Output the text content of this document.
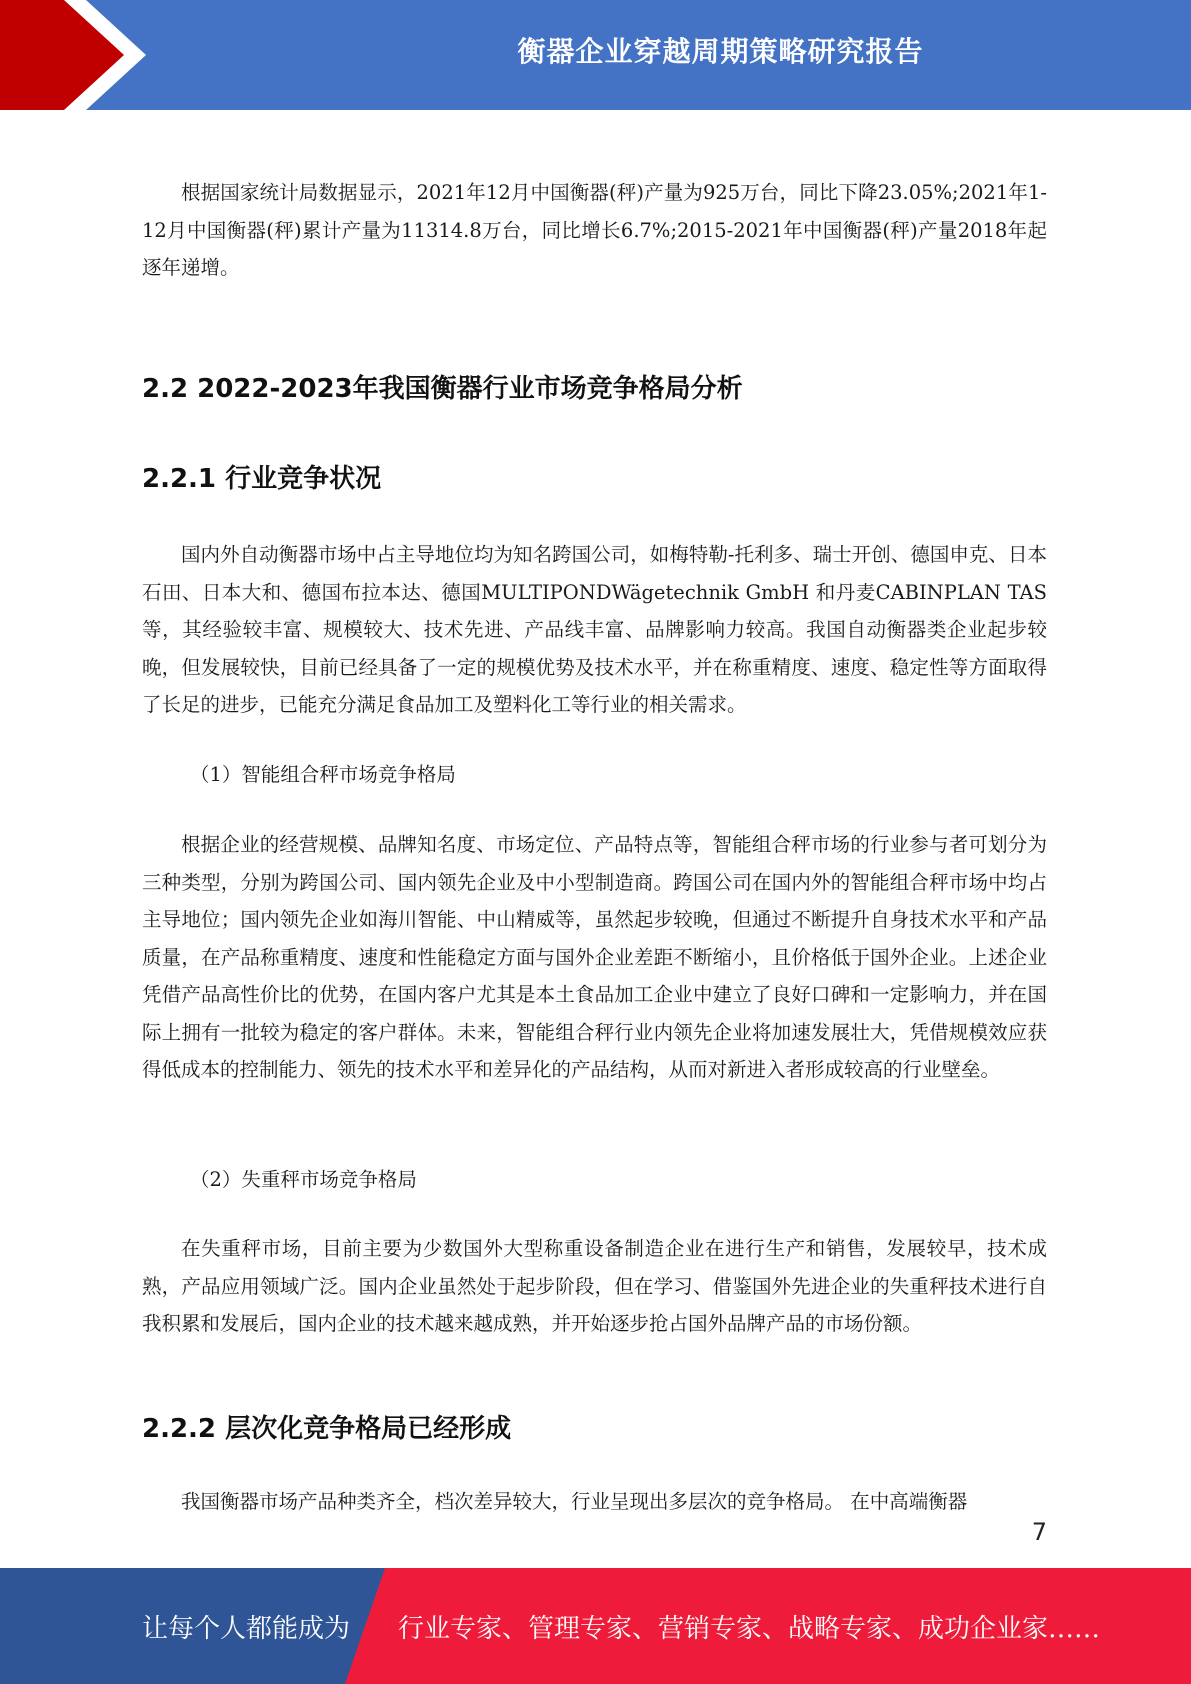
衡器企业穿越周期策略研究报告

根据国家统计局数据显示，2021年12月中国衡器(秤)产量为925万台，同比下降23.05%;2021年1-12月中国衡器(秤)累计产量为11314.8万台，同比增长6.7%;2015-2021年中国衡器(秤)产量2018年起逐年递增。

2.2 2022-2023年我国衡器行业市场竞争格局分析
2.2.1 行业竞争状况

国内外自动衡器市场中占主导地位均为知名跨国公司，如梅特勒-托利多、瑞士开创、德国申克、日本石田、日本大和、德国布拉本达、德国MULTIPONDWägetechnik GmbH 和丹麦CABINPLAN TAS等，其经验较丰富、规模较大、技术先进、产品线丰富、品牌影响力较高。我国自动衡器类企业起步较晚，但发展较快，目前已经具备了一定的规模优势及技术水平，并在称重精度、速度、稳定性等方面取得了长足的进步，已能充分满足食品加工及塑料化工等行业的相关需求。

（1）智能组合秤市场竞争格局

根据企业的经营规模、品牌知名度、市场定位、产品特点等，智能组合秤市场的行业参与者可划分为三种类型，分别为跨国公司、国内领先企业及中小型制造商。跨国公司在国内外的智能组合秤市场中均占主导地位；国内领先企业如海川智能、中山精威等，虽然起步较晚，但通过不断提升自身技术水平和产品质量，在产品称重精度、速度和性能稳定方面与国外企业差距不断缩小，且价格低于国外企业。上述企业凭借产品高性价比的优势，在国内客户尤其是本土食品加工企业中建立了良好口碑和一定影响力，并在国际上拥有一批较为稳定的客户群体。未来，智能组合秤行业内领先企业将加速发展壮大，凭借规模效应获得低成本的控制能力、领先的技术水平和差异化的产品结构，从而对新进入者形成较高的行业壁垒。

（2）失重秤市场竞争格局

在失重秤市场，目前主要为少数国外大型称重设备制造企业在进行生产和销售，发展较早，技术成熟，产品应用领域广泛。国内企业虽然处于起步阶段，但在学习、借鉴国外先进企业的失重秤技术进行自我积累和发展后，国内企业的技术越来越成熟，并开始逐步抢占国外品牌产品的市场份额。

2.2.2 层次化竞争格局已经形成

我国衡器市场产品种类齐全，档次差异较大，行业呈现出多层次的竞争格局。 在中高端衡器

7
让每个人都能成为 行业专家、管理专家、营销专家、战略专家、成功企业家……
